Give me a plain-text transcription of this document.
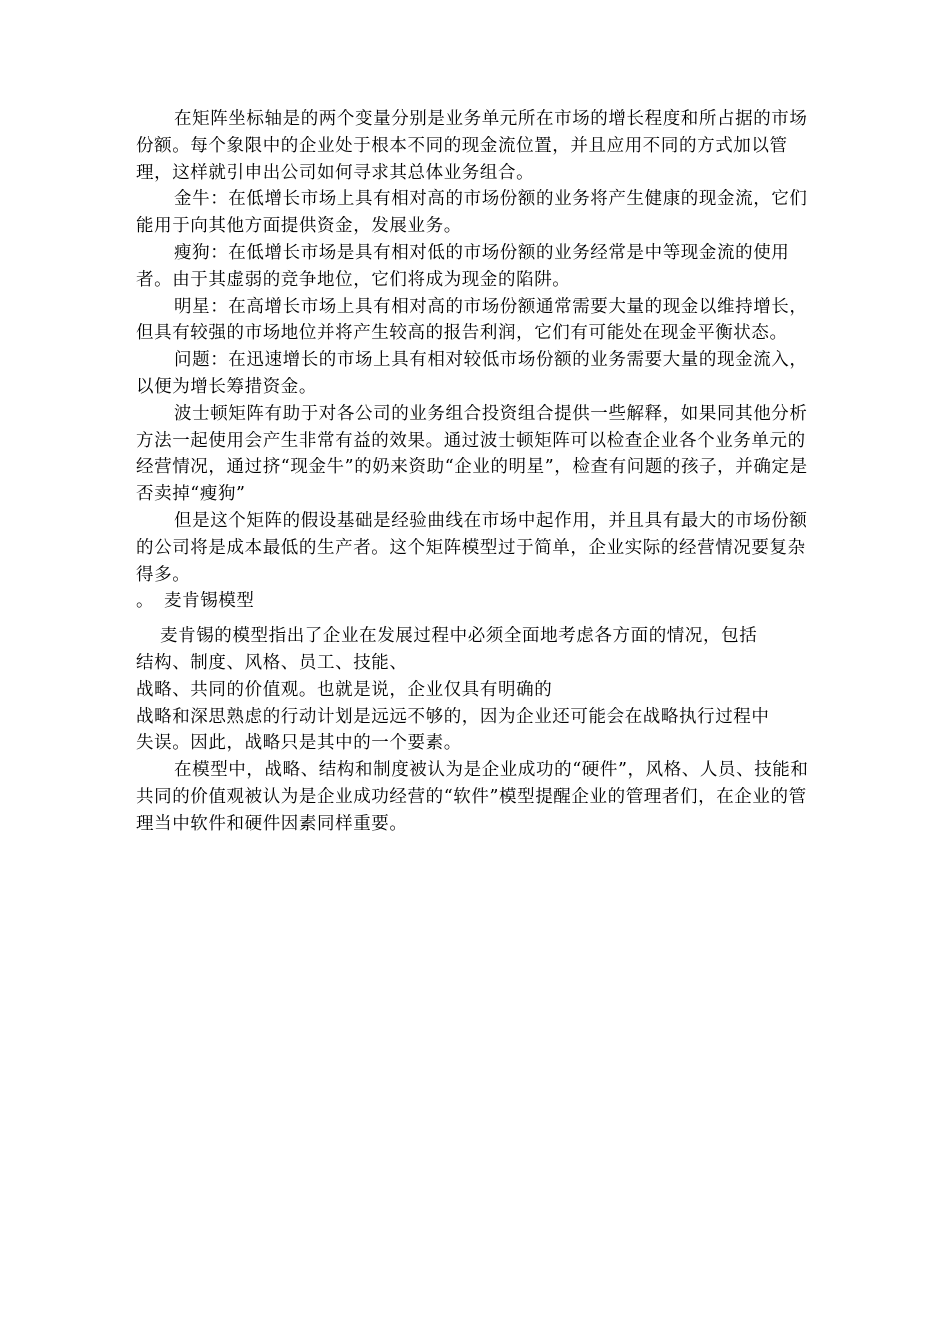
在矩阵坐标轴是的两个变量分别是业务单元所在市场的增长程度和所占据的市场份额。每个象限中的企业处于根本不同的现金流位置，并且应用不同的方式加以管理，这样就引申出公司如何寻求其总体业务组合。

金牛：在低增长市场上具有相对高的市场份额的业务将产生健康的现金流，它们能用于向其他方面提供资金，发展业务。

瘦狗：在低增长市场是具有相对低的市场份额的业务经常是中等现金流的使用者。由于其虚弱的竞争地位，它们将成为现金的陷阱。

明星：在高增长市场上具有相对高的市场份额通常需要大量的现金以维持增长，但具有较强的市场地位并将产生较高的报告利润，它们有可能处在现金平衡状态。

问题：在迅速增长的市场上具有相对较低市场份额的业务需要大量的现金流入，以便为增长筹措资金。

波士顿矩阵有助于对各公司的业务组合投资组合提供一些解释，如果同其他分析方法一起使用会产生非常有益的效果。通过波士顿矩阵可以检查企业各个业务单元的经营情况，通过挤“现金牛”的奶来资助“企业的明星”，检查有问题的孩子，并确定是否卖掉“瘦狗”

但是这个矩阵的假设基础是经验曲线在市场中起作用，并且具有最大的市场份额的公司将是成本最低的生产者。这个矩阵模型过于简单，企业实际的经营情况要复杂得多。

。 麦肯锡模型

麦肯锡的模型指出了企业在发展过程中必须全面地考虑各方面的情况，包括
结构、制度、风格、员工、技能、
战略、共同的价值观。也就是说，企业仅具有明确的
战略和深思熟虑的行动计划是远远不够的，因为企业还可能会在战略执行过程中
失误。因此，战略只是其中的一个要素。

在模型中，战略、结构和制度被认为是企业成功的“硬件”，风格、人员、技能和共同的价值观被认为是企业成功经营的“软件”模型提醒企业的管理者们，在企业的管理当中软件和硬件因素同样重要。
